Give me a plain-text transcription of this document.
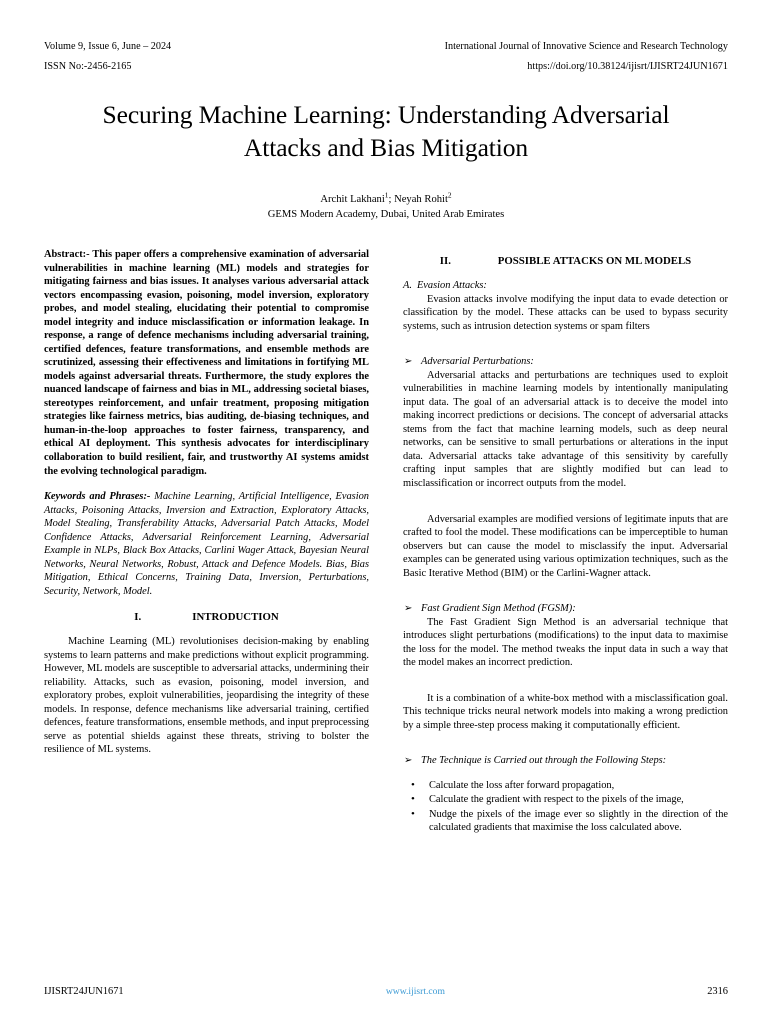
Volume 9, Issue 6, June – 2024	International Journal of Innovative Science and Research Technology
ISSN No:-2456-2165	https://doi.org/10.38124/ijisrt/IJISRT24JUN1671
Securing Machine Learning: Understanding Adversarial Attacks and Bias Mitigation
Archit Lakhani$^1$; Neyah Rohit$^2$
GEMS Modern Academy, Dubai, United Arab Emirates

Abstract:- This paper offers a comprehensive examination of adversarial vulnerabilities in machine learning (ML) models and strategies for mitigating fairness and bias issues. It analyses various adversarial attack vectors encompassing evasion, poisoning, model inversion, exploratory probes, and model stealing, elucidating their potential to compromise model integrity and induce misclassification or information leakage. In response, a range of defence mechanisms including adversarial training, certified defences, feature transformations, and ensemble methods are scrutinized, assessing their effectiveness and limitations in fortifying ML models against adversarial threats. Furthermore, the study explores the nuanced landscape of fairness and bias in ML, addressing societal biases, stereotypes reinforcement, and unfair treatment, proposing mitigation strategies like fairness metrics, bias auditing, de-biasing techniques, and human-in-the-loop approaches to foster fairness, transparency, and ethical AI deployment. This synthesis advocates for interdisciplinary collaboration to build resilient, fair, and trustworthy AI systems amidst the evolving technological paradigm.

Keywords and Phrases:- Machine Learning, Artificial Intelligence, Evasion Attacks, Poisoning Attacks, Inversion and Extraction, Exploratory Attacks, Model Stealing, Transferability Attacks, Adversarial Patch Attacks, Model Confidence Attacks, Adversarial Reinforcement Learning, Adversarial Example in NLPs, Black Box Attacks, Carlini Wager Attack, Bayesian Neural Networks, Neural Networks, Robust, Attack and Defence Models. Bias, Bias Mitigation, Ethical Concerns, Training Data, Inversion, Perturbations, Security, Network, Model.

I.	INTRODUCTION

Machine Learning (ML) revolutionises decision-making by enabling systems to learn patterns and make predictions without explicit programming. However, ML models are susceptible to adversarial attacks, undermining their reliability. Attacks, such as evasion, poisoning, model inversion, and exploratory probes, exploit vulnerabilities, jeopardising the integrity of these models. In response, defence mechanisms like adversarial training, certified defences, feature transformations, ensemble methods, and input preprocessing serve as potential shields against these threats, striving to bolster the resilience of ML systems.

II.	POSSIBLE ATTACKS ON ML MODELS

A. Evasion Attacks:

Evasion attacks involve modifying the input data to evade detection or classification by the model. These attacks can be used to bypass security systems, such as intrusion detection systems or spam filters

➢ Adversarial Perturbations:

Adversarial attacks and perturbations are techniques used to exploit vulnerabilities in machine learning models by intentionally manipulating input data. The goal of an adversarial attack is to deceive the model into making incorrect predictions or decisions. The concept of adversarial attacks stems from the fact that machine learning models, such as deep neural networks, can be sensitive to small perturbations or alterations in the input data. Adversarial attacks take advantage of this sensitivity by carefully crafting input samples that are slightly modified but can lead to misclassification or incorrect outputs from the model.

Adversarial examples are modified versions of legitimate inputs that are crafted to fool the model. These modifications can be imperceptible to human observers but can cause the model to misclassify the input. Adversarial examples can be generated using various optimization techniques, such as the Basic Iterative Method (BIM) or the Carlini-Wagner attack.

➢ Fast Gradient Sign Method (FGSM):

The Fast Gradient Sign Method is an adversarial technique that introduces slight perturbations (modifications) to the input data to maximise the loss for the model. The method tweaks the input data in such a way that the model makes an incorrect prediction.

It is a combination of a white-box method with a misclassification goal. This technique tricks neural network models into making a wrong prediction by a simple three-step process making it computationally efficient.

➢ The Technique is Carried out through the Following Steps:

• Calculate the loss after forward propagation,
• Calculate the gradient with respect to the pixels of the image,
• Nudge the pixels of the image ever so slightly in the direction of the calculated gradients that maximise the loss calculated above.
IJISRT24JUN1671	www.ijisrt.com	2316
